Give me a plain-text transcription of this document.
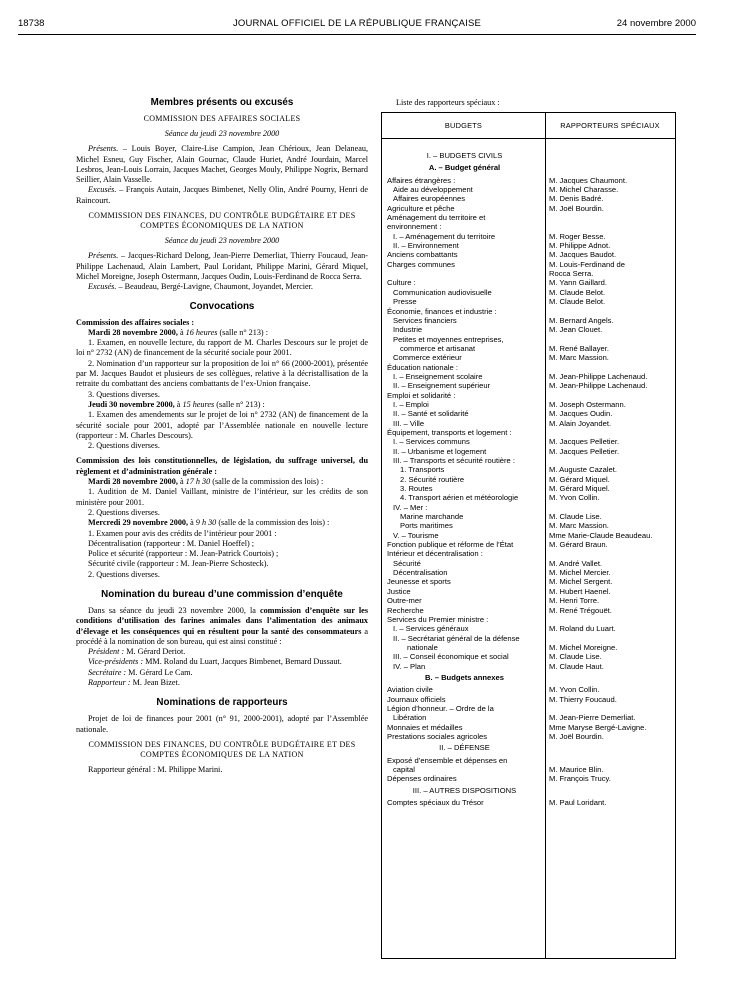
18738	JOURNAL OFFICIEL DE LA RÉPUBLIQUE FRANÇAISE	24 novembre 2000
Membres présents ou excusés
COMMISSION DES AFFAIRES SOCIALES
Séance du jeudi 23 novembre 2000

Présents. – Louis Boyer, Claire-Lise Campion, Jean Chérioux, Jean Delaneau, Michel Esneu, Guy Fischer, Alain Gournac, Claude Huriet, André Jourdain, Marcel Lesbros, Jean-Louis Lorrain, Jacques Machet, Georges Mouly, Philippe Nogrix, Bernard Seillier, Alain Vasselle.

Excusés. – François Autain, Jacques Bimbenet, Nelly Olin, André Pourny, Henri de Raincourt.

COMMISSION DES FINANCES, DU CONTRÔLE BUDGÉTAIRE ET DES COMPTES ÉCONOMIQUES DE LA NATION
Séance du jeudi 23 novembre 2000

Présents. – Jacques-Richard Delong, Jean-Pierre Demerliat, Thierry Foucaud, Jean-Philippe Lachenaud, Alain Lambert, Paul Loridant, Philippe Marini, Gérard Miquel, Michel Moreigne, Joseph Ostermann, Jacques Oudin, Louis-Ferdinand de Rocca Serra.

Excusés. – Beaudeau, Bergé-Lavigne, Chaumont, Joyandet, Mercier.

Convocations

Commission des affaires sociales :

Mardi 28 novembre 2000, à 16 heures (salle n° 213) :

1. Examen, en nouvelle lecture, du rapport de M. Charles Descours sur le projet de loi n° 2732 (AN) de financement de la sécurité sociale pour 2001.

2. Nomination d’un rapporteur sur la proposition de loi n° 66 (2000-2001), présentée par M. Jacques Baudot et plusieurs de ses collègues, relative à la décristallisation de la retraite du combattant des anciens combattants de l’ex-Union française.

3. Questions diverses.

Jeudi 30 novembre 2000, à 15 heures (salle n° 213) :

1. Examen des amendements sur le projet de loi n° 2732 (AN) de financement de la sécurité sociale pour 2001, adopté par l’Assemblée nationale en nouvelle lecture (rapporteur : M. Charles Descours).

2. Questions diverses.

Commission des lois constitutionnelles, de législation, du suffrage universel, du règlement et d’administration générale :

Mardi 28 novembre 2000, à 17 h 30 (salle de la commission des lois) :

1. Audition de M. Daniel Vaillant, ministre de l’intérieur, sur les crédits de son ministère pour 2001.

2. Questions diverses.

Mercredi 29 novembre 2000, à 9 h 30 (salle de la commission des lois) :

1. Examen pour avis des crédits de l’intérieur pour 2001 :

Décentralisation (rapporteur : M. Daniel Hoeffel) ;

Police et sécurité (rapporteur : M. Jean-Patrick Courtois) ;

Sécurité civile (rapporteur : M. Jean-Pierre Schosteck).

2. Questions diverses.

Nomination du bureau d’une commission d’enquête

Dans sa séance du jeudi 23 novembre 2000, la commission d’enquête sur les conditions d’utilisation des farines animales dans l’alimentation des animaux d’élevage et les conséquences qui en résultent pour la santé des consommateurs a procédé à la nomination de son bureau, qui est ainsi constitué :

Président : M. Gérard Deriot.

Vice-présidents : MM. Roland du Luart, Jacques Bimbenet, Bernard Dussaut.

Secrétaire : M. Gérard Le Cam.

Rapporteur : M. Jean Bizet.

Nominations de rapporteurs

Projet de loi de finances pour 2001 (n° 91, 2000-2001), adopté par l’Assemblée nationale.

COMMISSION DES FINANCES, DU CONTRÔLE BUDGÉTAIRE ET DES COMPTES ÉCONOMIQUES DE LA NATION

Rapporteur général : M. Philippe Marini.

Liste des rapporteurs spéciaux :
BUDGETS	RAPPORTEURS SPÉCIAUX
I. – BUDGETS CIVILS
A. – Budget général
Affaires étrangères :	M. Jacques Chaumont.
Aide au développement	M. Michel Charasse.
Affaires européennes	M. Denis Badré.
Agriculture et pêche	M. Joël Bourdin.
Aménagement du territoire et
environnement :
I. – Aménagement du territoire	M. Roger Besse.
II. – Environnement	M. Philippe Adnot.
Anciens combattants	M. Jacques Baudot.
Charges communes	M. Louis-Ferdinand de
Rocca Serra.
Culture :	M. Yann Gaillard.
Communication audiovisuelle	M. Claude Belot.
Presse	M. Claude Belot.
Économie, finances et industrie :
Services financiers	M. Bernard Angels.
Industrie	M. Jean Clouet.
Petites et moyennes entreprises,
commerce et artisanat	M. René Ballayer.
Commerce extérieur	M. Marc Massion.
Éducation nationale :
I. – Enseignement scolaire	M. Jean-Philippe Lachenaud.
II. – Enseignement supérieur	M. Jean-Philippe Lachenaud.
Emploi et solidarité :
I. – Emploi	M. Joseph Ostermann.
II. – Santé et solidarité	M. Jacques Oudin.
III. – Ville	M. Alain Joyandet.
Équipement, transports et logement :
I. – Services communs	M. Jacques Pelletier.
II. – Urbanisme et logement	M. Jacques Pelletier.
III. – Transports et sécurité routière :
1. Transports	M. Auguste Cazalet.
2. Sécurité routière	M. Gérard Miquel.
3. Routes	M. Gérard Miquel.
4. Transport aérien et météorologie	M. Yvon Collin.
IV. – Mer :
Marine marchande	M. Claude Lise.
Ports maritimes	M. Marc Massion.
V. – Tourisme	Mme Marie-Claude Beaudeau.
Fonction publique et réforme de l’État	M. Gérard Braun.
Intérieur et décentralisation :
Sécurité	M. André Vallet.
Décentralisation	M. Michel Mercier.
Jeunesse et sports	M. Michel Sergent.
Justice	M. Hubert Haenel.
Outre-mer	M. Henri Torre.
Recherche	M. René Trégouët.
Services du Premier ministre :
I. – Services généraux	M. Roland du Luart.
II. – Secrétariat général de la défense
nationale	M. Michel Moreigne.
III. – Conseil économique et social	M. Claude Lise.
IV. – Plan	M. Claude Haut.
B. – Budgets annexes
Aviation civile	M. Yvon Collin.
Journaux officiels	M. Thierry Foucaud.
Légion d’honneur. – Ordre de la
Libération	M. Jean-Pierre Demerliat.
Monnaies et médailles	Mme Maryse Bergé-Lavigne.
Prestations sociales agricoles	M. Joël Bourdin.
II. – DÉFENSE
Exposé d’ensemble et dépenses en
capital	M. Maurice Blin.
Dépenses ordinaires	M. François Trucy.
III. – AUTRES DISPOSITIONS
Comptes spéciaux du Trésor	M. Paul Loridant.
